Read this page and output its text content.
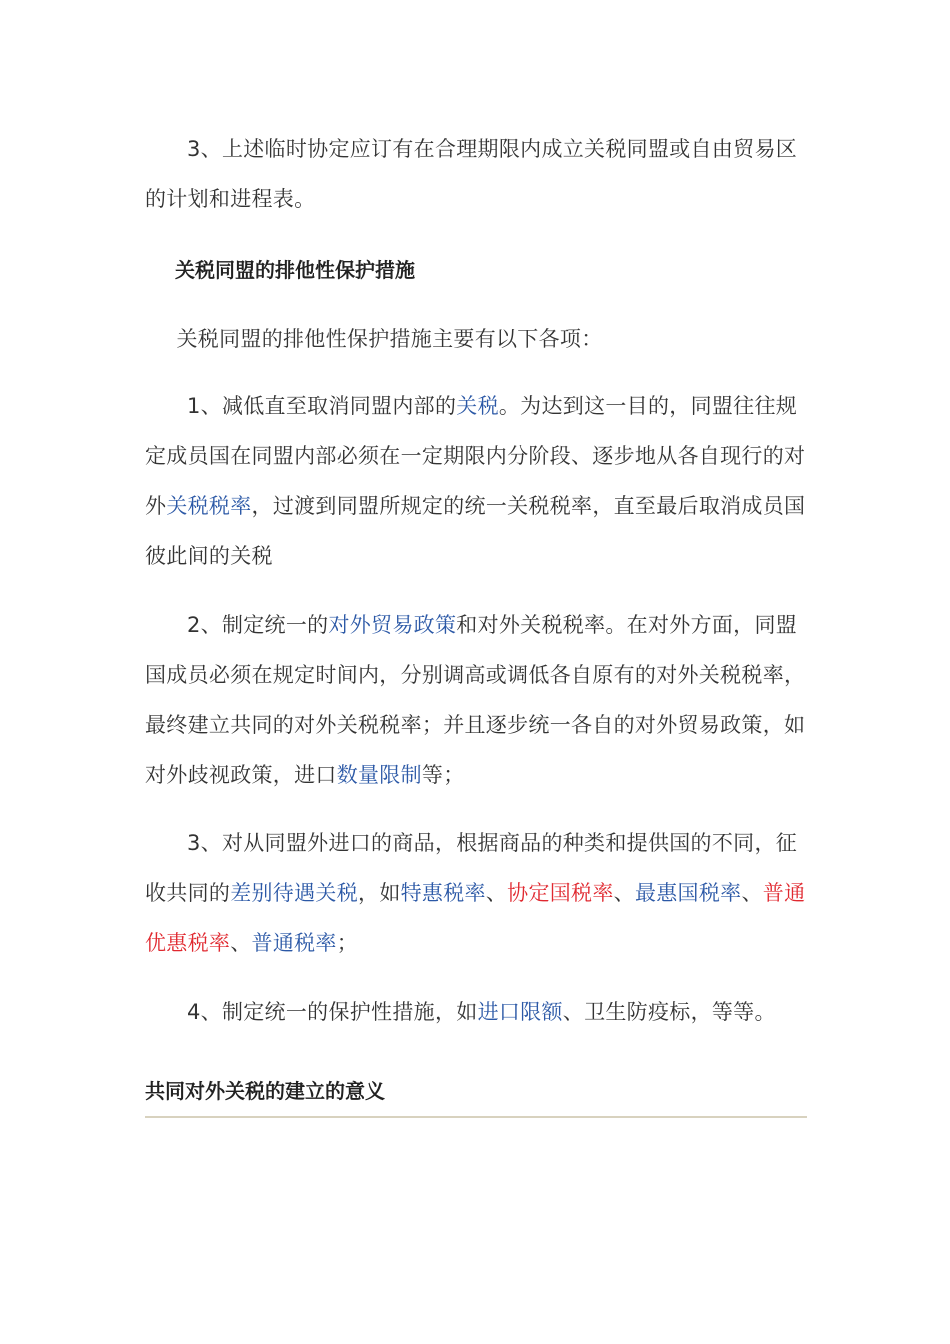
3、上述临时协定应订有在合理期限内成立关税同盟或自由贸易区的计划和进程表。

关税同盟的排他性保护措施

关税同盟的排他性保护措施主要有以下各项：

1、减低直至取消同盟内部的关税。为达到这一目的，同盟往往规定成员国在同盟内部必须在一定期限内分阶段、逐步地从各自现行的对外关税税率，过渡到同盟所规定的统一关税税率，直至最后取消成员国彼此间的关税

2、制定统一的对外贸易政策和对外关税税率。在对外方面，同盟国成员必须在规定时间内，分别调高或调低各自原有的对外关税税率，最终建立共同的对外关税税率；并且逐步统一各自的对外贸易政策，如对外歧视政策，进口数量限制等；

3、对从同盟外进口的商品，根据商品的种类和提供国的不同，征收共同的差别待遇关税，如特惠税率、协定国税率、最惠国税率、普通优惠税率、普通税率；

4、制定统一的保护性措施，如进口限额、卫生防疫标，等等。

共同对外关税的建立的意义
